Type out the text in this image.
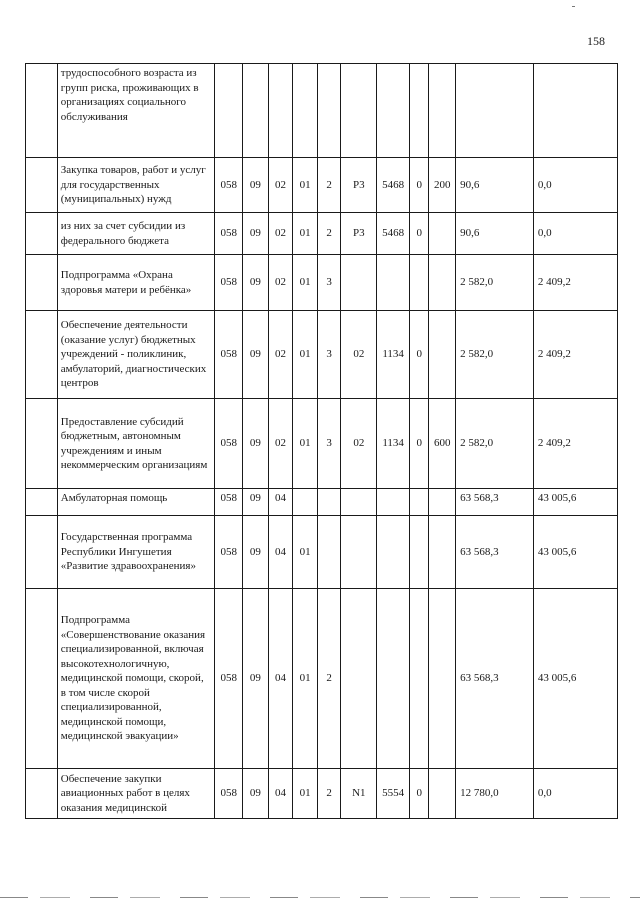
158
	трудоспособного возраста из групп риска, проживающих в организациях социального обслуживания											
	Закупка товаров, работ и услуг для государственных (муниципальных) нужд	058	09	02	01	2	Р3	5468	0	200	90,6	0,0
	из них за счет субсидии из федерального бюджета	058	09	02	01	2	Р3	5468	0		90,6	0,0
	Подпрограмма «Охрана здоровья матери и ребёнка»	058	09	02	01	3					2 582,0	2 409,2
	Обеспечение деятельности (оказание услуг) бюджетных учреждений - поликлиник, амбулаторий, диагностических центров	058	09	02	01	3	02	1134	0		2 582,0	2 409,2
	Предоставление субсидий бюджетным, автономным учреждениям и иным некоммерческим организациям	058	09	02	01	3	02	1134	0	600	2 582,0	2 409,2
	Амбулаторная помощь	058	09	04							63 568,3	43 005,6
	Государственная программа Республики Ингушетия «Развитие здравоохранения»	058	09	04	01						63 568,3	43 005,6
	Подпрограмма «Совершенствование оказания специализированной, включая высокотехнологичную, медицинской помощи, скорой, в том числе скорой специализированной, медицинской помощи, медицинской эвакуации»	058	09	04	01	2					63 568,3	43 005,6
	Обеспечение закупки авиационных работ в целях оказания медицинской	058	09	04	01	2	N1	5554	0		12 780,0	0,0
